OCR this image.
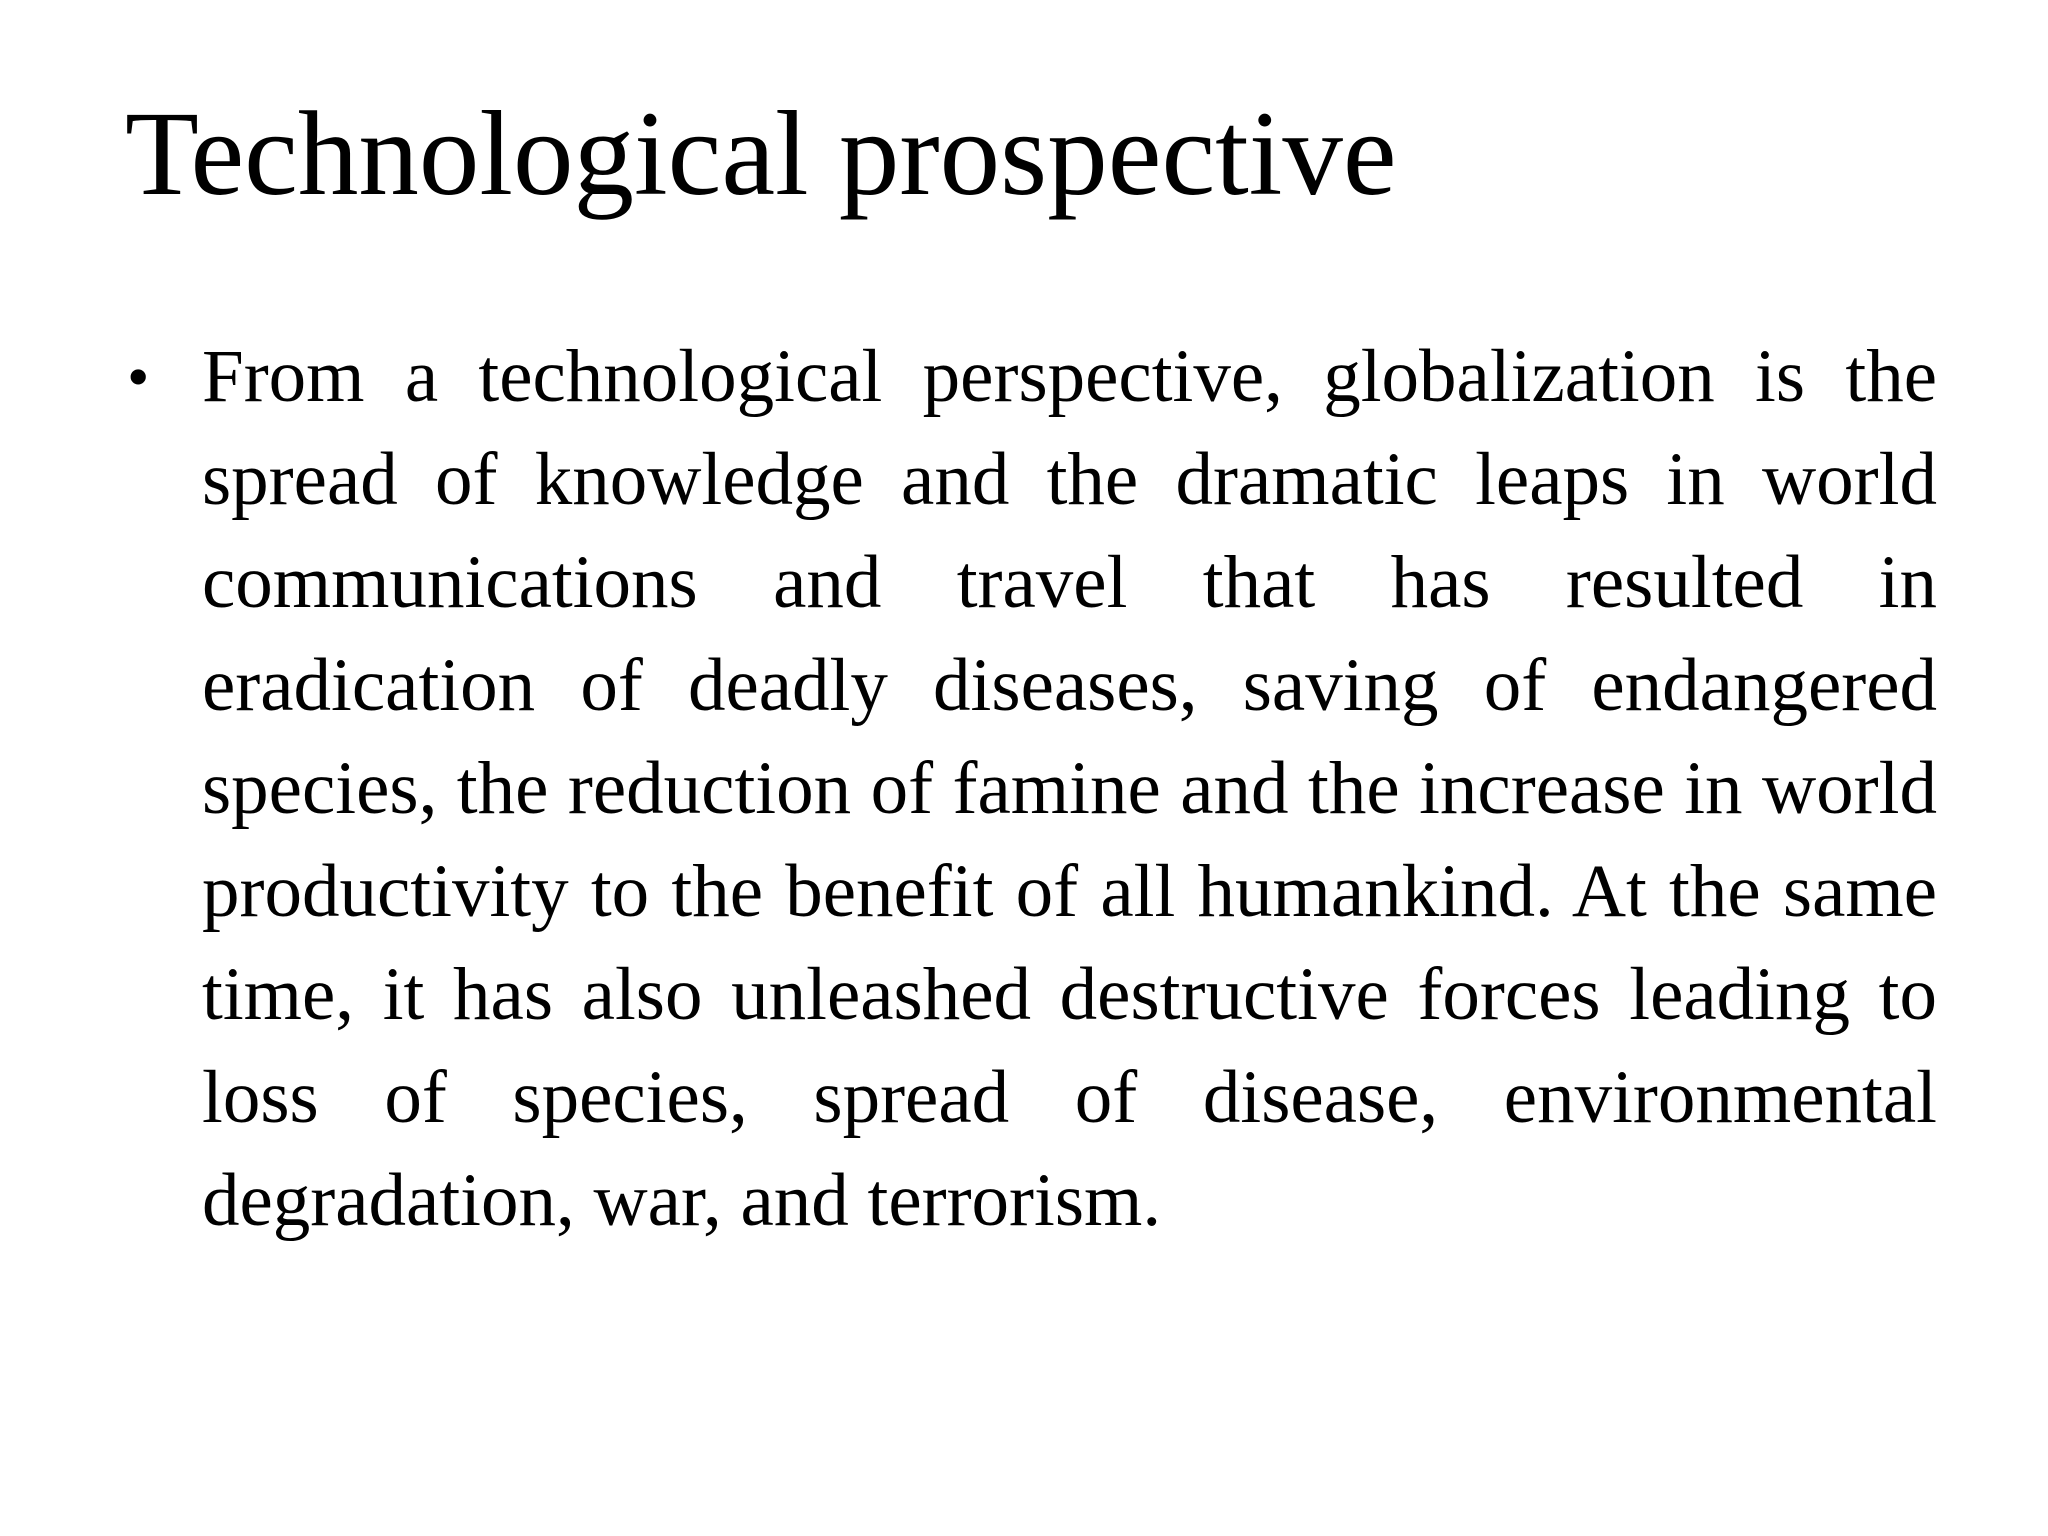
Technological prospective
• From a technological perspective, globalization is the spread of knowledge and the dramatic leaps in world communications and travel that has resulted in eradication of deadly diseases, saving of endangered species, the reduction of famine and the increase in world productivity to the benefit of all humankind. At the same time, it has also unleashed destructive forces leading to loss of species, spread of disease, environmental degradation, war, and terrorism.
